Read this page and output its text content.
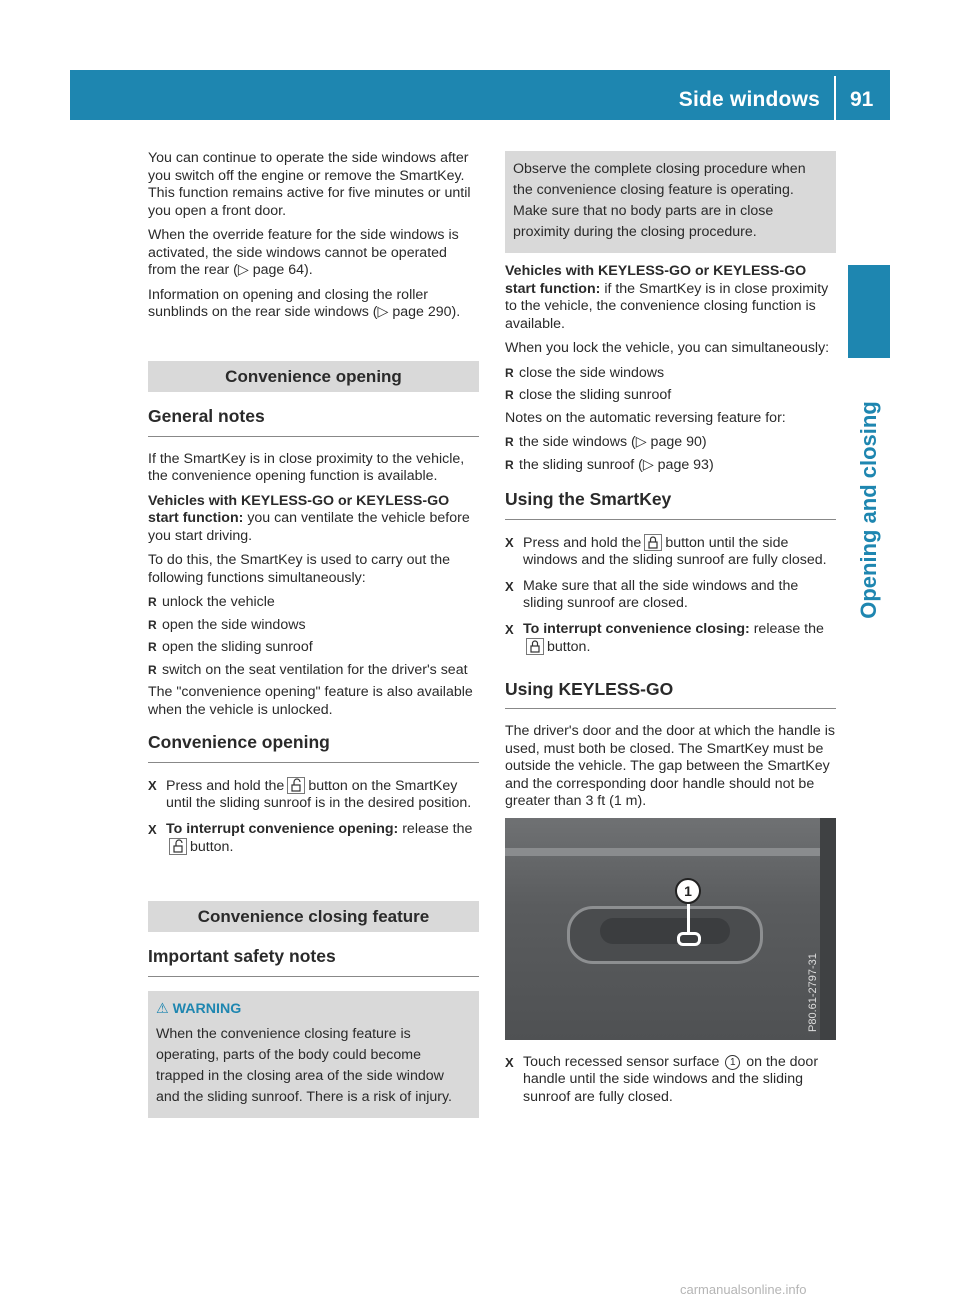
Side windows 91
Opening and closing

You can continue to operate the side windows after you switch off the engine or remove the SmartKey. This function remains active for five minutes or until you open a front door.

When the override feature for the side windows is activated, the side windows cannot be operated from the rear (▷ page 64).

Information on opening and closing the roller sunblinds on the rear side windows (▷ page 290).

Convenience opening
General notes

If the SmartKey is in close proximity to the vehicle, the convenience opening function is available.

Vehicles with KEYLESS-GO or KEYLESS-GO start function: you can ventilate the vehicle before you start driving.

To do this, the SmartKey is used to carry out the following functions simultaneously:

R unlock the vehicle
R open the side windows
R open the sliding sunroof
R switch on the seat ventilation for the driver's seat

The "convenience opening" feature is also available when the vehicle is unlocked.

Convenience opening
X Press and hold the button on the SmartKey until the sliding sunroof is in the desired position.
X To interrupt convenience opening: release thebutton.
Convenience closing feature
Important safety notes
⚠ WARNING
When the convenience closing feature is operating, parts of the body could become trapped in the closing area of the side window and the sliding sunroof. There is a risk of injury.
Observe the complete closing procedure when the convenience closing feature is operating. Make sure that no body parts are in close proximity during the closing procedure.

Vehicles with KEYLESS-GO or KEYLESS-GO start function: if the SmartKey is in close proximity to the vehicle, the convenience closing function is available.

When you lock the vehicle, you can simultaneously:

R close the side windows
R close the sliding sunroof

Notes on the automatic reversing feature for:

R the side windows (▷ page 90)
R the sliding sunroof (▷ page 93)
Using the SmartKey
X Press and hold the button until the side windows and the sliding sunroof are fully closed.
X Make sure that all the side windows and the sliding sunroof are closed.
X To interrupt convenience closing: release thebutton.
Using KEYLESS-GO

The driver's door and the door at which the handle is used, must both be closed. The SmartKey must be outside the vehicle. The gap between the SmartKey and the corresponding door handle should not be greater than 3 ft (1 m).

1
P80.61-2797-31
X Touch recessed sensor surface 1 on the door handle until the side windows and the sliding sunroof are fully closed.
carmanualsonline.info
